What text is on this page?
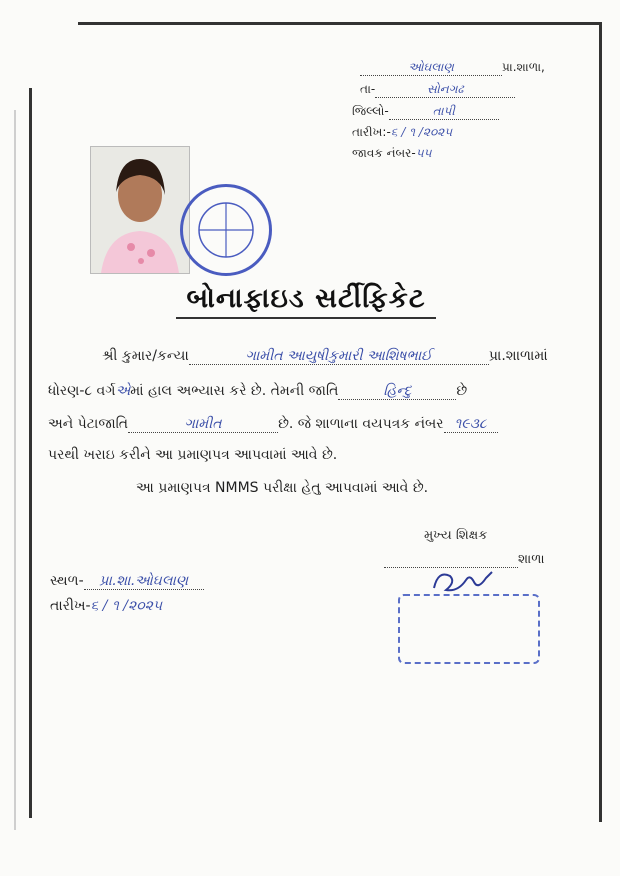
ઓઘલાણ	પ્રા.શાળા,
તા-	સોનગઢ
જિલ્લો-	તાપી
તારીખ:-૬ / ૧ /૨૦૨૫
જાવક નંબર-૫૫
બોનાફાઇડ સર્ટીફિકેટ
શ્રી કુમાર/કન્યા	ગામીત આયુષીકુમારી આશિષભાઈ	પ્રા.શાળામાં
ધોરણ-૮ વર્ગએમાં હાલ અભ્યાસ કરે છે. તેમની જાતિ	હિન્દુ	છે
અને પેટાજાતિ	ગામીત	છે. જે શાળાના વયપત્રક નંબર ૧૯૩૮
પરથી ખરાઇ કરીને આ પ્રમાણપત્ર આપવામાં આવે છે.
આ પ્રમાણપત્ર NMMS પરીક્ષા હેતુ આપવામાં આવે છે.
મુખ્ય શિક્ષક
શાળા
સ્થળ- પ્રા.શા.ઓઘલાણ
તારીખ-૬ / ૧ /૨૦૨૫
